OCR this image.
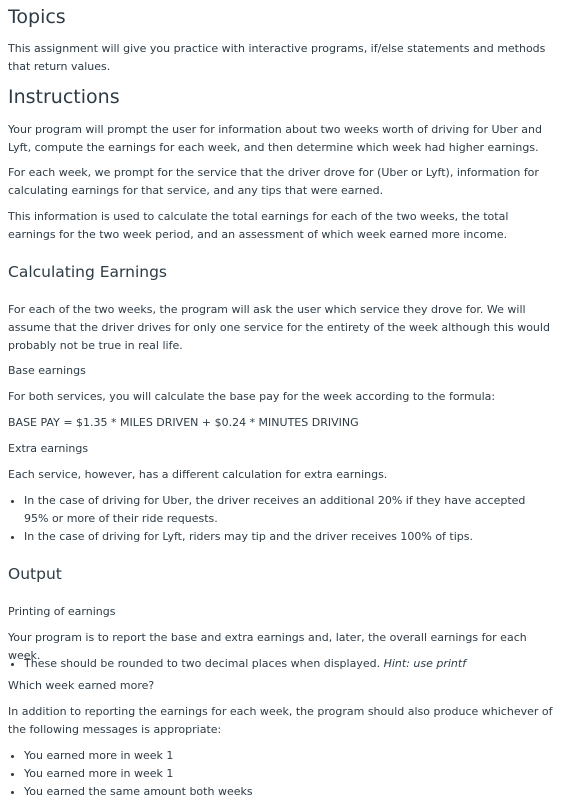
Topics
This assignment will give you practice with interactive programs, if/else statements and methods that return values.
Instructions
Your program will prompt the user for information about two weeks worth of driving for Uber and Lyft, compute the earnings for each week, and then determine which week had higher earnings.
For each week, we prompt for the service that the driver drove for (Uber or Lyft), information for calculating earnings for that service, and any tips that were earned.
This information is used to calculate the total earnings for each of the two weeks, the total earnings for the two week period, and an assessment of which week earned more income.
Calculating Earnings
For each of the two weeks, the program will ask the user which service they drove for. We will assume that the driver drives for only one service for the entirety of the week although this would probably not be true in real life.
Base earnings
For both services, you will calculate the base pay for the week according to the formula:
BASE PAY = $1.35 * MILES DRIVEN + $0.24 * MINUTES DRIVING
Extra earnings
Each service, however, has a different calculation for extra earnings.
• In the case of driving for Uber, the driver receives an additional 20% if they have accepted 95% or more of their ride requests.
• In the case of driving for Lyft, riders may tip and the driver receives 100% of tips.
Output
Printing of earnings
Your program is to report the base and extra earnings and, later, the overall earnings for each week.
• These should be rounded to two decimal places when displayed. Hint: use printf
Which week earned more?
In addition to reporting the earnings for each week, the program should also produce whichever of the following messages is appropriate:
• You earned more in week 1
• You earned more in week 1
• You earned the same amount both weeks
